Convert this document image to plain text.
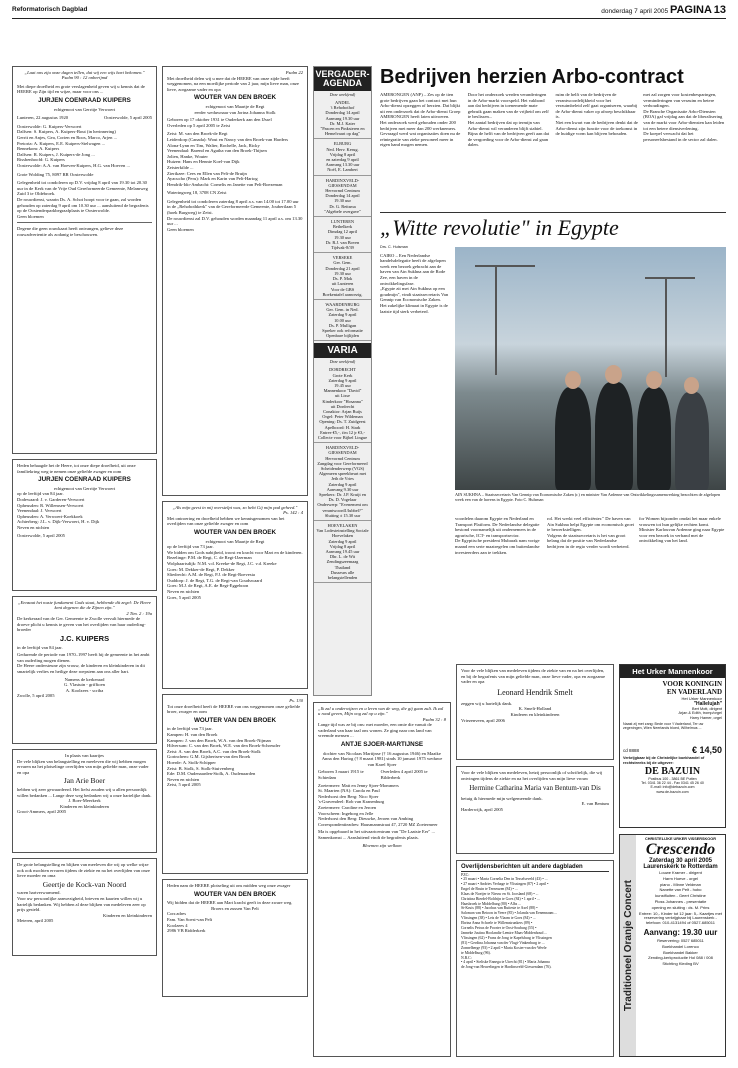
Reformatorisch Dagblad	donderdag 7 april 2005 PAGINA 13
„Laat ons ziju onze dagen tellen, dat wij een wijs hart bekomen."
Psalm 90 : 12 onberijmd

Met diepe droefheid en grote verslagenheid geven wij u kennis dat de HEERE op Zijn tijd en wijze, maar voor ons ...

JURJEN COENRAAD KUIPERS
echtgenoot van Gerritje Verwoert
Lunteren, 22 augustus 1920	Oosterwolde, 5 april 2005
Oosterwolde: G. Kuipers-Verwoert
Dalfsen: S. Kuipers, A. Kuipers-Bout (in herinnering)
Gerrit en Anjes, Gea, Corien en Roos, Marco, Arjen ...
Pretoria: A. Kuipers, E.E. Kuipers-Stelwagen ...
Bennekom: A. Kuipers
Dalfsen: R. Kuipers, J. Kuipers-de Jong ...
Rissbenhoofd: G. Kuipers
Oosterwolde: A.A. van Hoeven-Kuipers, H.G. van Hoeven ...
Grote Wolding 75, 8097 RR Oosterwolde
Gelegenheid tot condoleren op D.V. vrijdag 8 april van 19.30 tot 20.30 uur in de Kerk van de Vrije Oud Gereformeerde Gemeente, Melamweg Zuid 3 te Oldebroek.
De rouwdienst, waarin Ds. A. Schot hoopt voor te gaan, zal worden gehouden op zaterdag 9 april om 10.30 uur ... aansluitend de begrafenis op de Oostenderparkbegraafplaats te Oosterwolde.
Geen bloemen
Degene die geen rouwkaart heeft ontvangen, gelieve deze rouwadvertentie als zodanig te beschouwen.

Heden behaagde het de Heere, tot onze diepe droefheid, uit onze familiekring weg te nemen onze geliefde zwager en oom

JURJEN COENRAAD KUIPERS
echtgenoot van Gerritje Verwoert
op de leeftijd van 84 jaar.
Dodewaard: J. v. Garderen-Verwoert
Opheusden: R. Willemsen-Verwoert
Veenendaal: J. Verwoert
Opheusden: A. Verwoert-Koekkoek
Achterberg: J.L. v. Dijk-Verwoert, H. v. Dijk
Neven en nichten
Oosterwolde, 5 april 2005
„Eenzaat het nuste fundament Gods staat, hebbende dit zegel: De Heere kent degenen die de Zijnen zijn."
2 Tim. 2 : 19a

De kerkeraad van de Ger. Gemeente te Zwolle vervult hiermede de droeve plicht u kennis te geven van het overlijden van haar ouderling-broeder

J.C. KUIPERS
in de leeftijd van 84 jaar.
Gedurende de periode van 1970–1997 heeft hij de gemeente in het ambt van ouderling mogen dienen.
De Heere ondersteune zijn vrouw, de kinderen en kleinkinderen in dit smartelijk verlies en heilige deze roepstem aan ons aller hart.
Namens de kerkeraad
G. Vlastuin - griffioen
A. Koolzees - scriba
Zwolle, 5 april 2005
In plaats van kaartjes

De vele blijken van belangstelling en meeleven die wij hebben mogen ervaren na het plotselinge overlijden van mijn geliefde man, onze vader en opa

Jan Arie Boer
hebben wij zeer gewaardeerd. Het liefst zouden wij u allen persoonlijk willen bedanken ... Lange deze weg bedanken wij u onze hartelijke dank.
J. Boer-Meerkerk
Kinderen en kleinkinderen
Groot-Ammers, april 2005

De grote belangstelling en blijken van meeleven die wij op welke wijze ook ook mochten ervaren tijdens de ziekte en na het overlijden van onze lieve moeder en oma

Geertje de Kock-van Noord
waren hartverwarmend.
Voor uw persoonlijke aanwezigheid, brieven en kaarten willen wij u hartelijk bedanken. Wij hebben al deze blijken van medeleven zeer op prijs gesteld.
Kinderen en kleinkinderen
Meteren, april 2005
Psalm 22

Met droefheid delen wij u mee dat de HEERE van onze zijde heeft weggenomen, na een moeilijke periode van 2 jaar, mijn lieve man, onze lieve, zorgzame vader en opa

WOUTER VAN DEN BROEK
echtgenoot van Maartje de Regt
eerder weduwnaar van Jorina Johanna Stolk
Geboren op 17 oktober 1931 te Ouderkerk aan den IJssel
Overleden op 5 april 2005 te Zeist
Zeist: M. van den Broek-de Regt
Leiderdorp (Canada): Wout en Nancy van den Broek-van Harders
Alona-Lynn en Tim, Walter, Rochelle, Jack, Ricky
Veenendaal: Barend en Agatha van den Broek-Thijsen
Jolien, Hanke, Wouter
Huizen: Hans en Hennie Koel-van Dijk
Zeisterkilde ...
Zierikzee: Cees en Ellen van Pelt-de Bruijn
Ayacucho (Peru): Mark en Karin van Pelt-Hartog
Hendrik-Ido-Ambacht: Cornelis en Janette van Pelt-Boezeman
Wateringweg 18, 3708 CN Zeist
Gelegenheid tot condoleren zaterdag 8 april a.s. van 14.00 tot 17.00 uur in de „Rehobothkerk" van de Gereformeerde Gemeente, Joubertlaan 5 (hoek Burgweg) te Zeist.
De rouwdienst zal D.V. gehouden worden maandag 11 april a.s. om 13.30 uur ...
Geen bloemen
„Als mijn geest in mij overstelpt was, zo hebt Gij mijn pad geheed."
Ps. 142 : 4

Met ontroering en droefheid hebben we kennisgenomen van het overlijden van onze geliefde zwager en oom

WOUTER VAN DEN BROEK
echtgenoot van Maartje de Regt
op de leeftijd van 73 jaar.
We bidden om Gods nabijheid, troost en kracht voor Mart en de kinderen.
Bezelinge: P.M. de Regt, C. de Regt-IJzerman
Wolphaartsdijk: N.M. v.d. Kreeke-de Regt, J.C. v.d. Kreeke
Goes: M. Dekker-de Regt, P. Dekker
Sliedrecht: A.M. de Regt, P.J. de Regt-Roevesta
Ouddorp: J. de Regt, T.G. de Regt-van Goudswaard
Goes: M.J. de Regt, A.E. de Regt-Eggeboon
Neven en nichten
Goes, 5 april 2005
Ps. 130

Tot onze droefheid heeft de HEERE van ons weggenomen onze geliefde broer, zwager en oom

WOUTER VAN DEN BROEK
in de leeftijd van 73 jaar.
Kampen: H. van den Broek
Kampen: J. van den Broek, W.A. van den Broek-Nijman
Hilversum: C. van den Broek, W.E. van den Broek-Schreuder
Zeist: A. van den Broek, A.C. van den Broek-Stolk
Gorinchem: G.M. Gijsbertsen-van den Broek
Hoerde: A. Stolk-Schipper
Zeist: B. Stolk, S. Stolk-Stuivenberg
Ede: D.M. Oudenaarden-Stolk, A. Oudenaarden
Neven en nichten
Zeist, 5 april 2005

Heden nam de HEERE plotseling uit ons midden weg onze zwager

WOUTER VAN DEN BROEK
Wij bidden dat de HEERE aan Mart kracht geeft in deze zware weg.
Broers en zussen Van Pelt
Corr.adres
Fam. Van Soest-van Pelt
Koolzees 4
2986 VB Ridderkerk
VERGADER-AGENDA
Deze week(end)
ANDEL
't Rehobothof
Donderdag 14 april
Aanvang 19.30 uur
Dr. M.J. Kater
"Pascen en Pinksteren en Hemelvaart op dag"
ELBURG
Ned. Herv. Kerug.
Vrijdag 8 april
en zaterdag 9 april
Aanvang 13.30 uur
Noël, E. Lambert
HARDINXVELD-GIESSENDAM
Hervormd Centrum
Donderdag 14 april
19.30 uur
Dr. G. Reitsma
"Algebele overgave"
LUNTEREN
Bethelkerk
Dinsdag 12 april
19.30 uur
Dr. R.J. van Boven
Tijdvak-8/39
VERSEKE
Ger. Gem.
Donderdag 21 april
19.30 uur
Ds. P. Mok
uit Lunteren
Voor de GBS
Boekentafel aanwezig.
WAARDENBURG
Ger. Gem. in Ned.
Zaterdag 9 april
10.00 uur
Ds. P. Mulligan
Spreker ook reformatie
Openbare bijlijden
VARIA
Deze week(end)
DORDRECHT
Grote Kerk
Zaterdag 9 april
19.45 uur
Mannenkoor "David"
uit Lisse
Kinderkoor "Hosanna"
uit Dordrecht
Conaktor: Arjan Ruijs
Orgel: Peter Wildeman
Opening: Ds. T. Zuidgeest
Apelboord: H. Stark
Entree €5,-, t/m 12 jr €3,-
Collecte voor Bijbel Lingue
HARDINXVELD-GIESSENDAM
Hervormd Centrum
Zangdag voor Gereformeerd Scheidenderwerp (VGS)
Algemeen spreekbeurt met Jeth de Vries
Zaterdag 9 april
Aanvang 9.30 uur
Sprekers: Dr. J.P. Kruijt en Ds. D. Vogelaar
Onderwerp: "Evenement om verantwoord1/lubbel?"
Sluiting ± 15.30 uur
HOEVELAKEN
Van Lodesteinstelling Sociale Hoevelaken
Zaterdag 9 april
Vrijdag 8 april
Aanvang 19.45 uur
Dhr. L. de Wit
Zendingszeemaag
Thailand
Dusseurs alle belangstellenden
Bedrijven herzien Arbo-contract
AMERONGEN (ANP) – Zes op de tien grote bedrijven gaan het contract met hun Arbo-dienst opzeggen of herzien. Dat blijkt uit een onderzoek dat de Arbo-dienst Groep AMERONGEN heeft laten uitvoeren.
Het onderzoek werd gehouden onder 200 bedrijven met meer dan 200 werknemers. Gevraagd werd wat organisaties doen nu de reïntegratie van zieke personeel meer in eigen hand mogen nemen.
Door het onderzoek werden veranderingen in de Arbo-markt voorspeld. Het vakbond aan dat bedrijven in toenemende mate gebruik gaan maken van de vrijheid om zelf te beslissen...
Het aantal bedrijven dat op termijn van Arbo-dienst wil veranderen blijft stabiel. Bijna de helft van de bedrijven geeft aan dat de vergoeding voor de Arbo-dienst zal gaan dalen.
ruim de helft van de bedrijven de verantwoordelijkheid voor het verzuimbeleid zelf gaat organiseren, waarbij de Arbo-dienst vaker op afroep beschikbaar is.
Niet een kwart van de bedrijven denkt dat de Arbo-dienst zijn functie voor de toekomst in de huidige vorm kan blijven behouden.
met zal zorgen voor kostenbesparingen, verminderingen van verzuim en betere verhoudingen.
De Branche Organisatie Arbo-Diensten (BOA) gaf vrijdag aan dat de liberalisering van de markt voor Arbo-diensten kan leiden tot een betere dienstverlening.
De koepel verwacht dat het personeelsbestand in de sector zal dalen.
„Witte revolutie" in Egypte
Drs. C. Hulsman
CAIRO – Een Nederlandse handelsdelegatie heeft de afgelopen week een bezoek gebracht aan de haven van Ain Sukhna aan de Rode Zee, een haven in de ontwikkelingsfase.
„Egypte zit met Ain Sukhna op een goudmijn", vindt staatssecretaris Van Gennip van Economische Zaken.
Het zakelijke klimaat in Egypte is de laatste tijd sterk verbeterd.
AIN SUKHNA – Staatssecretaris Van Gennip van Economische Zaken (r.) en minister Van Ardenne van Ontwikkelingssamenwerking bezochten de afgelopen week een van de havens in Egypte. Foto C. Hulsman
voordelen daarom Egypte en Nederland en Transport Platform. De Nederlandse delegatie bestond voornamelijk uit ondernemers in de agrarische, ICT- en transportsector.
De Egyptische president Mubarak nam vorige maand een serie maatregelen om buitenlandse investeerders aan te trekken.
rol. Het werkt veel efficiënter." De haven van Ain Sukhna helpt Egypte om economisch groei te bewerkstelligen.
Volgens de staatssecretaris is het van groot belang dat de positie van Nederlandse bedrijven in de regio verder wordt verbeterd.
for Women bijzonder omdat het maar enkele vrouwen tot hun gelijke rechten komt.
Minister Karlouvan Ardenne ging naar Egypte voor een bezoek in verband met de ontwikkeling van het land.
„Ik zal u onderwijzen en u leren van de weg, die gij gaan zult. Ik zal u raad geven, Mijn oog zal op u zijn."
Psalm 32 : 8

Lange tijd was ze bij ons: met moeder, een omie die vanuit de vaderland van haar taal ons wonen. Ze ging naar ons land van vreemde mensen ...

ANTJE SJOER-MARTIJNSE
dochter van Nicolaas Martijnse († 16 augustus 1946) en Maaike Anna den Hartog († 8 maart 1981) sinds 10 januari 1975 weduwe van Karel Sjoer
Geboren 3 maart 1915 te Schiedam
Overleden 4 april 2005 te Bilderberk
Zoetermeer: Matt en Jenny Sjoer-Mommers
St. Maarten (NA): Carola en Paul
Nederhorst den Berg: Nico Sjoer
's-Gravendeel: Rob van Kranenburg
Zoetermeer: Caroline en Jeroen
Voorscheen: Ingeborg en Jelle
Nederhorst den Berg: Dieuwke, Jeroen van Ambing
Correspondentieadres: Hausmannstraat 47, 2720 MZ Zoetermeer
Ma is opgebaard in het uitvaartcentrum van "De Laatste Eer" ... Samenkomst ... Aansluitend vindt de begrafenis plaats.
Bloemen zijn welkom

Voor de vele blijken van medeleven tijdens de ziekte van en na het overlijden, en bij de begrafenis van mijn geliefde man, onze lieve vader, opa en zorgzame vader en opa

Leonard Hendrik Smelt
zeggen wij u hartelijk dank.
K. Smelt-Holland
Kinderen en kleinkinderen
Vriezenveen, april 2006

Voor de vele blijken van medeleven, hetzij persoonlijk of schriftelijk, die wij ontvingen tijdens de ziekte en na het overlijden van mijn lieve vrouw

Hermine Catharina Maria van Bentum-van Dis
betuig ik hiermede mijn welgemeende dank.
E. van Bentum
Harderwijk, april 2005
Overlijdensberichten uit andere dagbladen
PZC:
• 25 maart • Maria Cornelia Den in Tesselseveld (43) • ...
• 27 maart • Andries Verhage te Vlissingen (87) • 2 april •
Engel de Bruin te Terneuzen (84) • ...
Klaas de Noeijer te Nieuw en St. Joosland (68) • ...
Christina Bierdel-Boldrijn te Goes (84) • 1 april • ...
Haasbroek te Middelburg (80) • Albs ...
St-Kruis (88) • Jacobus van Ruiteste te Axel (88) •
Salomon van Betoon in Veere (85) • Jolanda van Eenennaam ...
Vlissingen (38) • Leis de Vlaam te Goes (84) • ...
Ebrina Anna Schoele te Willemstrunkers (89) •
Cornelis Petrus de Poorter te Oost-Souburg (55) •
Janneke Justina Hoolandis-Lemire Maas-Middenhoud ...
Vlissingen (62) • Frans de Jong te Kapelsburg te Vlissingen
(81) • Gerdina Johanna van der Vlugt-Vinkenburg te ...
Zonnelberge (93) • 2 april • Maria Koster-van der Weele
te Middelburg (96).
N.R.C:
• 4 april • Sieliske Ennega te Utrecht (81) • Maria Johanna
de Jong-van Heuvelingen te Hardinxveld-Giessendam (76).
Het Urker Mannenkoor
VOOR KONINGIN
EN VADERLAND
Het Urker Mannenkoor
"Hallelujah"
Bert Mott, dirigent
Arjan & Edith, tromp/orgel
Harry Hamer, orgel
Naast zij met zang: Bede voor 't Vaderland, Ter uw zegeningen, Wien Neerlands bloed, Wilhelmus ...
cd 8888	€ 14,50
Verkrijgbaar bij de Christelijke boekhandel of rechtstreeks bij de uitgever:
DE BAZUIN
Postbus 100 - 3861 BE Putten
Tel. 0341 36 22 44 - Fax 0341 45 26 40
E-mail: info@debazuin.com
www.de-bazuin.com
Traditioneel Oranje Concert
CHRISTELIJKE URKER VISSERSKOOR
Crescendo
Zaterdag 30 april 2005
Laurenskerk te Rotterdam
Louwe Kramer - dirigent
Harm Hoeve - orgel
piano - Minne Veldman
Nanette van Pelt - hobo
kunstfluiten - Geert Christine
Ploss Johannes - presentatie
opening en sluiting : ds. M. Prins
Entree: 10,- Kinder tot 12 jaar: 5,- Kaartjes met reservering verkrijgbaar bij Laurenskerk - telefoon: 010-4131494 of 0527-685011
Aanvang: 19.30 uur
Reservering: 0527 685011
Boekhandel Lorenco
Boekhandel Bakker
Zending-kerkproductie Hol 088 / 008
Stichting Kleding BV
